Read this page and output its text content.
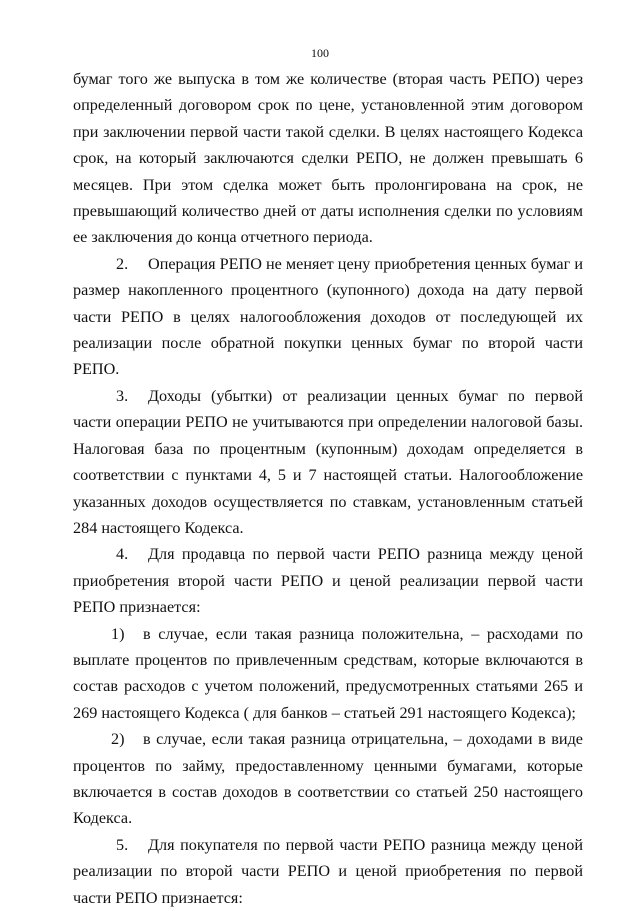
100

бумаг того же выпуска в том же количестве (вторая часть РЕПО) через определенный договором срок по цене, установленной этим договором при заключении первой части такой сделки. В целях настоящего Кодекса срок, на который заключаются сделки РЕПО, не должен превышать 6 месяцев. При этом сделка может быть пролонгирована на срок, не превышающий количество дней от даты исполнения сделки по условиям ее заключения до конца отчетного периода.

2. Операция РЕПО не меняет цену приобретения ценных бумаг и размер накопленного процентного (купонного) дохода на дату первой части РЕПО в целях налогообложения доходов от последующей их реализации после обратной покупки ценных бумаг по второй части РЕПО.

3. Доходы (убытки) от реализации ценных бумаг по первой части операции РЕПО не учитываются при определении налоговой базы. Налоговая база по процентным (купонным) доходам определяется в соответствии с пунктами 4, 5 и 7 настоящей статьи. Налогообложение указанных доходов осуществляется по ставкам, установленным статьей 284 настоящего Кодекса.

4. Для продавца по первой части РЕПО разница между ценой приобретения второй части РЕПО и ценой реализации первой части РЕПО признается:

1) в случае, если такая разница положительна, – расходами по выплате процентов по привлеченным средствам, которые включаются в состав расходов с учетом положений, предусмотренных статьями 265 и 269 настоящего Кодекса ( для банков – статьей 291 настоящего Кодекса);

2) в случае, если такая разница отрицательна, – доходами в виде процентов по займу, предоставленному ценными бумагами, которые включается в состав доходов в соответствии со статьей 250 настоящего Кодекса.

5. Для покупателя по первой части РЕПО разница между ценой реализации по второй части РЕПО и ценой приобретения по первой части РЕПО признается:
